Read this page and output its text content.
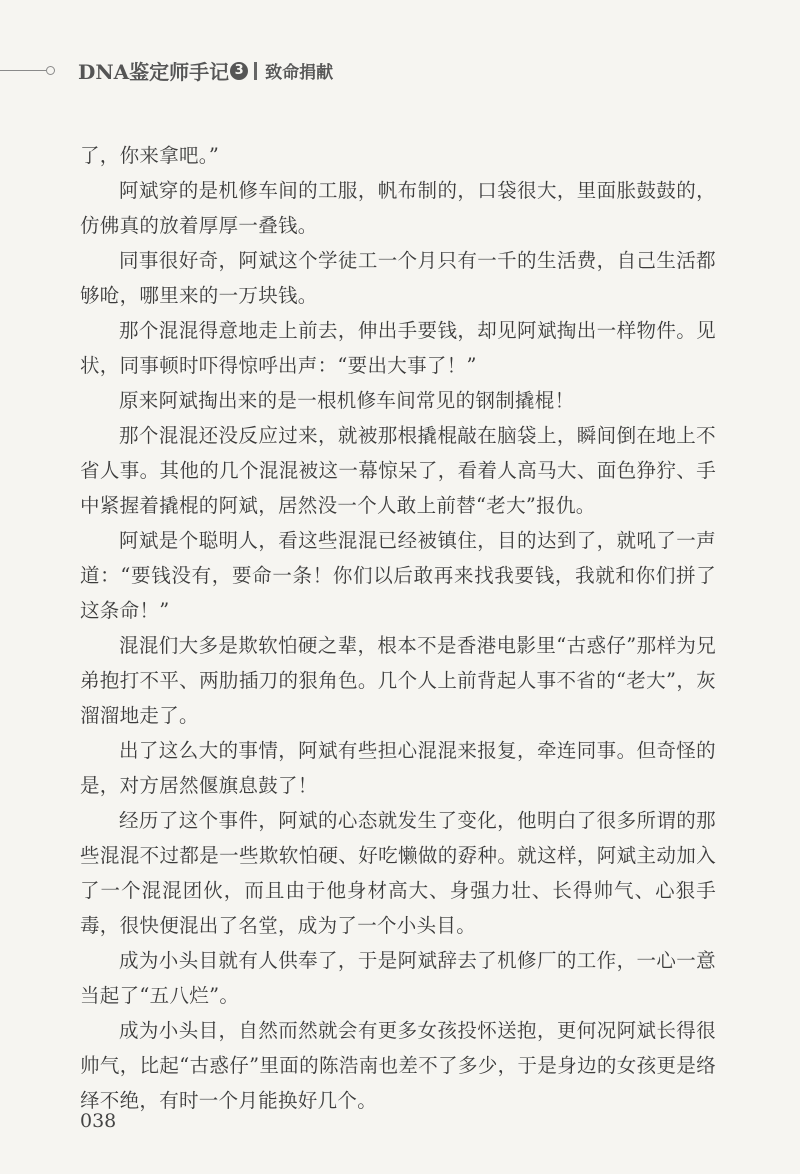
DNA鉴定师手记 3 致命捐献

了，你来拿吧。”

阿斌穿的是机修车间的工服，帆布制的，口袋很大，里面胀鼓鼓的，仿佛真的放着厚厚一叠钱。

同事很好奇，阿斌这个学徒工一个月只有一千的生活费，自己生活都够呛，哪里来的一万块钱。

那个混混得意地走上前去，伸出手要钱，却见阿斌掏出一样物件。见状，同事顿时吓得惊呼出声：“要出大事了！”

原来阿斌掏出来的是一根机修车间常见的钢制撬棍！

那个混混还没反应过来，就被那根撬棍敲在脑袋上，瞬间倒在地上不省人事。其他的几个混混被这一幕惊呆了，看着人高马大、面色狰狞、手中紧握着撬棍的阿斌，居然没一个人敢上前替“老大”报仇。

阿斌是个聪明人，看这些混混已经被镇住，目的达到了，就吼了一声道：“要钱没有，要命一条！你们以后敢再来找我要钱，我就和你们拼了这条命！”

混混们大多是欺软怕硬之辈，根本不是香港电影里“古惑仔”那样为兄弟抱打不平、两肋插刀的狠角色。几个人上前背起人事不省的“老大”，灰溜溜地走了。

出了这么大的事情，阿斌有些担心混混来报复，牵连同事。但奇怪的是，对方居然偃旗息鼓了！

经历了这个事件，阿斌的心态就发生了变化，他明白了很多所谓的那些混混不过都是一些欺软怕硬、好吃懒做的孬种。就这样，阿斌主动加入了一个混混团伙，而且由于他身材高大、身强力壮、长得帅气、心狠手毒，很快便混出了名堂，成为了一个小头目。

成为小头目就有人供奉了，于是阿斌辞去了机修厂的工作，一心一意当起了“五八烂”。

成为小头目，自然而然就会有更多女孩投怀送抱，更何况阿斌长得很帅气，比起“古惑仔”里面的陈浩南也差不了多少，于是身边的女孩更是络绎不绝，有时一个月能换好几个。

038
